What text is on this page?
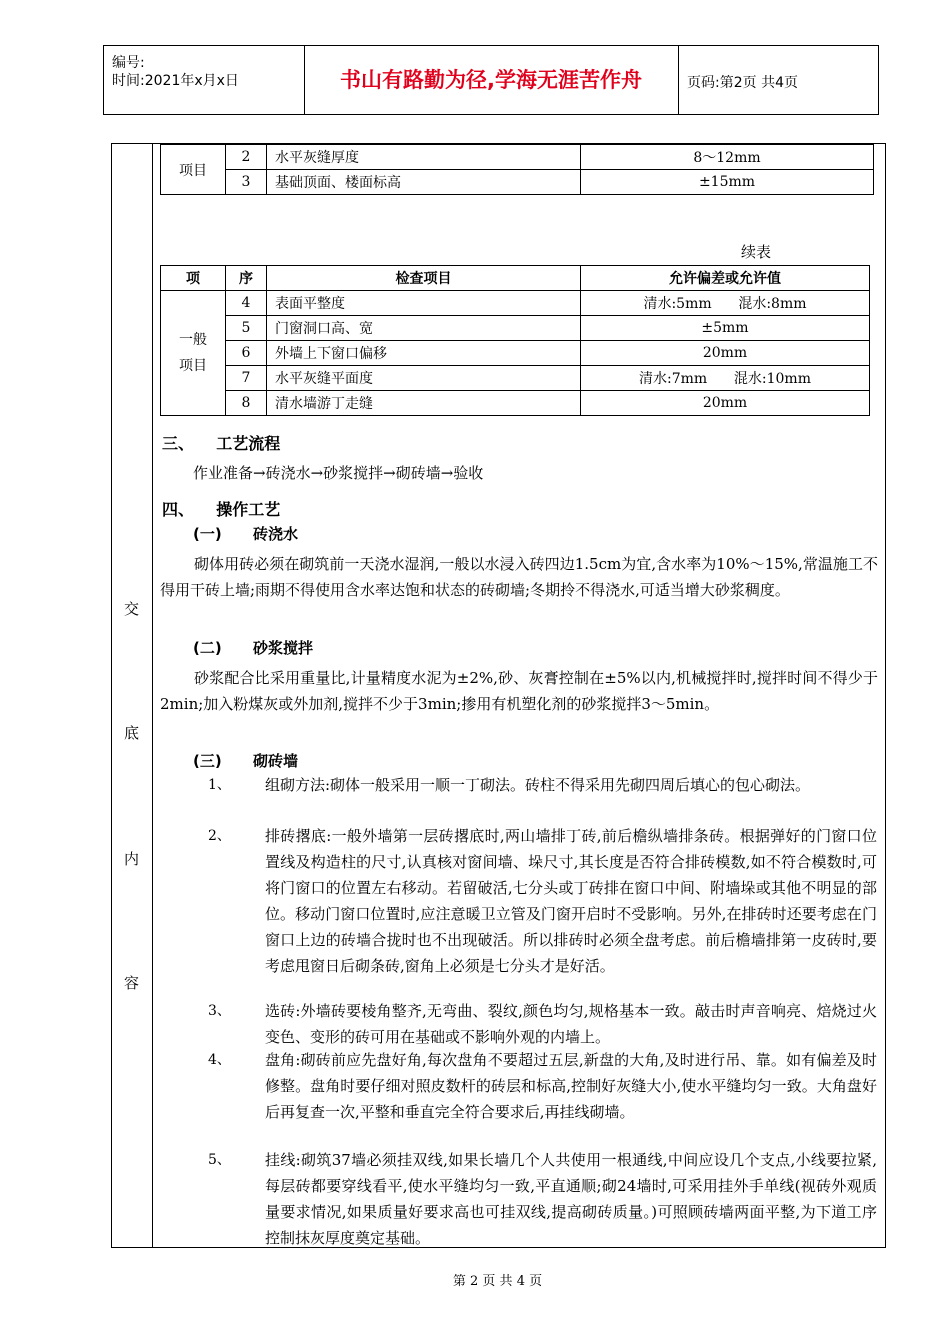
编号:
时间:2021年x月x日	书山有路勤为径,学海无涯苦作舟	页码:第2页 共4页
交
底
内
容
项目	2	水平灰缝厚度	8～12mm
	3	基础顶面、楼面标高	±15mm
续表
项	序	检查项目	允许偏差或允许值

一般项目	4	表面平整度	清水:5mm      混水:8mm
	5	门窗洞口高、宽	±5mm
	6	外墙上下窗口偏移	20mm
	7	水平灰缝平面度	清水:7mm      混水:10mm
	8	清水墙游丁走缝	20mm
三、    工艺流程
作业准备→砖浇水→砂浆搅拌→砌砖墙→验收
四、    操作工艺
(一)      砖浇水
砌体用砖必须在砌筑前一天浇水湿润,一般以水浸入砖四边1.5cm为宜,含水率为10%～15%,常温施工不得用干砖上墙;雨期不得使用含水率达饱和状态的砖砌墙;冬期拎不得浇水,可适当增大砂浆稠度。
(二)      砂浆搅拌
砂浆配合比采用重量比,计量精度水泥为±2%,砂、灰膏控制在±5%以内,机械搅拌时,搅拌时间不得少于2min;加入粉煤灰或外加剂,搅拌不少于3min;掺用有机塑化剂的砂浆搅拌3～5min。
(三)      砌砖墙
1、 组砌方法:砌体一般采用一顺一丁砌法。砖柱不得采用先砌四周后填心的包心砌法。
2、 排砖撂底:一般外墙第一层砖撂底时,两山墙排丁砖,前后檐纵墙排条砖。根据弹好的门窗口位置线及构造柱的尺寸,认真核对窗间墙、垛尺寸,其长度是否符合排砖模数,如不符合模数时,可将门窗口的位置左右移动。若留破活,七分头或丁砖排在窗口中间、附墙垛或其他不明显的部位。移动门窗口位置时,应注意暖卫立管及门窗开启时不受影响。另外,在排砖时还要考虑在门窗口上边的砖墙合拢时也不出现破活。所以排砖时必须全盘考虑。前后檐墙排第一皮砖时,要考虑甩窗日后砌条砖,窗角上必须是七分头才是好活。
3、 选砖:外墙砖要棱角整齐,无弯曲、裂纹,颜色均匀,规格基本一致。敲击时声音响亮、焙烧过火变色、变形的砖可用在基础或不影响外观的内墙上。
4、 盘角:砌砖前应先盘好角,每次盘角不要超过五层,新盘的大角,及时进行吊、靠。如有偏差及时修整。盘角时要仔细对照皮数杆的砖层和标高,控制好灰缝大小,使水平缝均匀一致。大角盘好后再复查一次,平整和垂直完全符合要求后,再挂线砌墙。
5、 挂线:砌筑37墙必须挂双线,如果长墙几个人共使用一根通线,中间应设几个支点,小线要拉紧,每层砖都要穿线看平,使水平缝均匀一致,平直通顺;砌24墙时,可采用挂外手单线(视砖外观质量要求情况,如果质量好要求高也可挂双线,提高砌砖质量。)可照顾砖墙两面平整,为下道工序控制抹灰厚度奠定基础。
第 2 页 共 4 页
